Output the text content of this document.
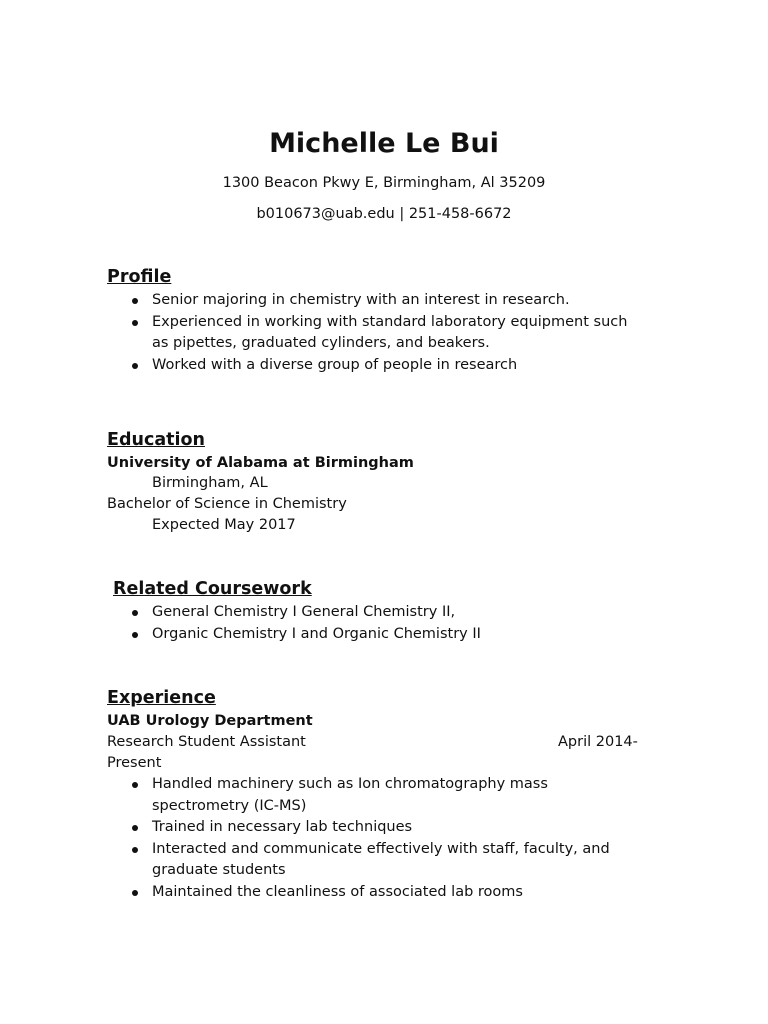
Michelle Le Bui
1300 Beacon Pkwy E, Birmingham, Al 35209
b010673@uab.edu | 251-458-6672
Profile
Senior majoring in chemistry with an interest in research.
Experienced in working with standard laboratory equipment such
as pipettes, graduated cylinders, and beakers.
Worked with a diverse group of people in research
Education
University of Alabama at Birmingham
Birmingham, AL
Bachelor of Science in Chemistry
Expected May 2017
Related Coursework
General Chemistry I General Chemistry II,
Organic Chemistry I and Organic Chemistry II
Experience
UAB Urology Department
Research Student Assistant	April 2014-
Present
Handled machinery such as Ion chromatography mass
spectrometry (IC-MS)
Trained in necessary lab techniques
Interacted and communicate effectively with staff, faculty, and
graduate students
Maintained the cleanliness of associated lab rooms
